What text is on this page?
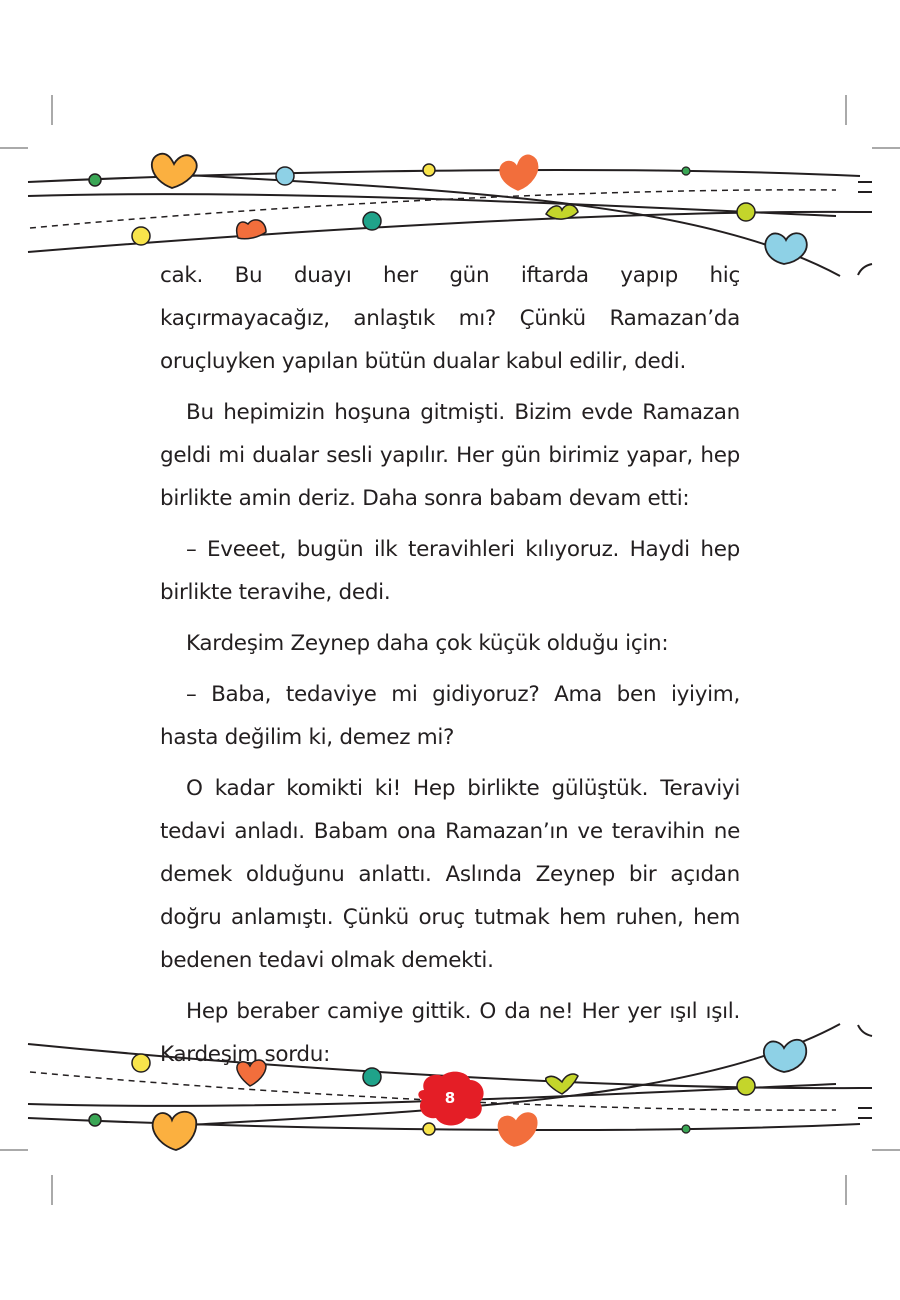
8

cak. Bu duayı her gün iftarda yapıp hiç kaçırmayacağız, anlaştık mı? Çünkü Ramazan’da oruçluyken yapılan bütün dualar kabul edilir, dedi.

Bu hepimizin hoşuna gitmişti. Bizim evde Ramazan geldi mi dualar sesli yapılır. Her gün birimiz yapar, hep birlikte amin deriz. Daha sonra babam devam etti:

– Eveeet, bugün ilk teravihleri kılıyoruz. Haydi hep birlikte teravihe, dedi.

Kardeşim Zeynep daha çok küçük olduğu için:

– Baba, tedaviye mi gidiyoruz? Ama ben iyiyim, hasta değilim ki, demez mi?

O kadar komikti ki! Hep birlikte gülüştük. Teraviyi tedavi anladı. Babam ona Ramazan’ın ve teravihin ne demek olduğunu anlattı. Aslında Zeynep bir açıdan doğru anlamıştı. Çünkü oruç tutmak hem ruhen, hem bedenen tedavi olmak demekti.

Hep beraber camiye gittik. O da ne! Her yer ışıl ışıl. Kardeşim sordu:
